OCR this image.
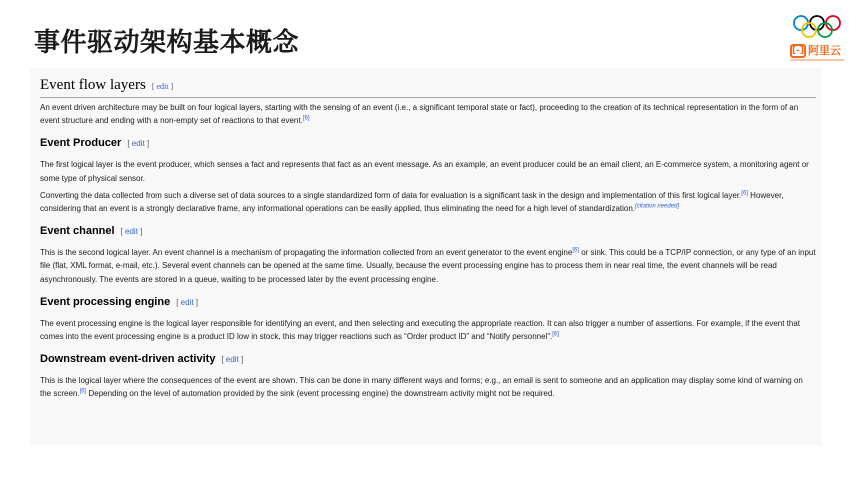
事件驱动架构基本概念	[-] 阿里云
Event flow layers [ edit ]

An event driven architecture may be built on four logical layers, starting with the sensing of an event (i.e., a significant temporal state or fact), proceeding to the creation of its technical representation in the form of an event structure and ending with a non-empty set of reactions to that event.[6]

Event Producer [ edit ]

The first logical layer is the event producer, which senses a fact and represents that fact as an event message. As an example, an event producer could be an email client, an E-commerce system, a monitoring agent or some type of physical sensor.

Converting the data collected from such a diverse set of data sources to a single standardized form of data for evaluation is a significant task in the design and implementation of this first logical layer.[6] However, considering that an event is a strongly declarative frame, any informational operations can be easily applied, thus eliminating the need for a high level of standardization.[citation needed]

Event channel [ edit ]

This is the second logical layer. An event channel is a mechanism of propagating the information collected from an event generator to the event engine[6] or sink. This could be a TCP/IP connection, or any type of an input file (flat, XML format, e-mail, etc.). Several event channels can be opened at the same time. Usually, because the event processing engine has to process them in near real time, the event channels will be read asynchronously. The events are stored in a queue, waiting to be processed later by the event processing engine.

Event processing engine [ edit ]

The event processing engine is the logical layer responsible for identifying an event, and then selecting and executing the appropriate reaction. It can also trigger a number of assertions. For example, if the event that comes into the event processing engine is a product ID low in stock, this may trigger reactions such as “Order product ID” and “Notify personnel”.[6]

Downstream event-driven activity [ edit ]

This is the logical layer where the consequences of the event are shown. This can be done in many different ways and forms; e.g., an email is sent to someone and an application may display some kind of warning on the screen.[6] Depending on the level of automation provided by the sink (event processing engine) the downstream activity might not be required.
